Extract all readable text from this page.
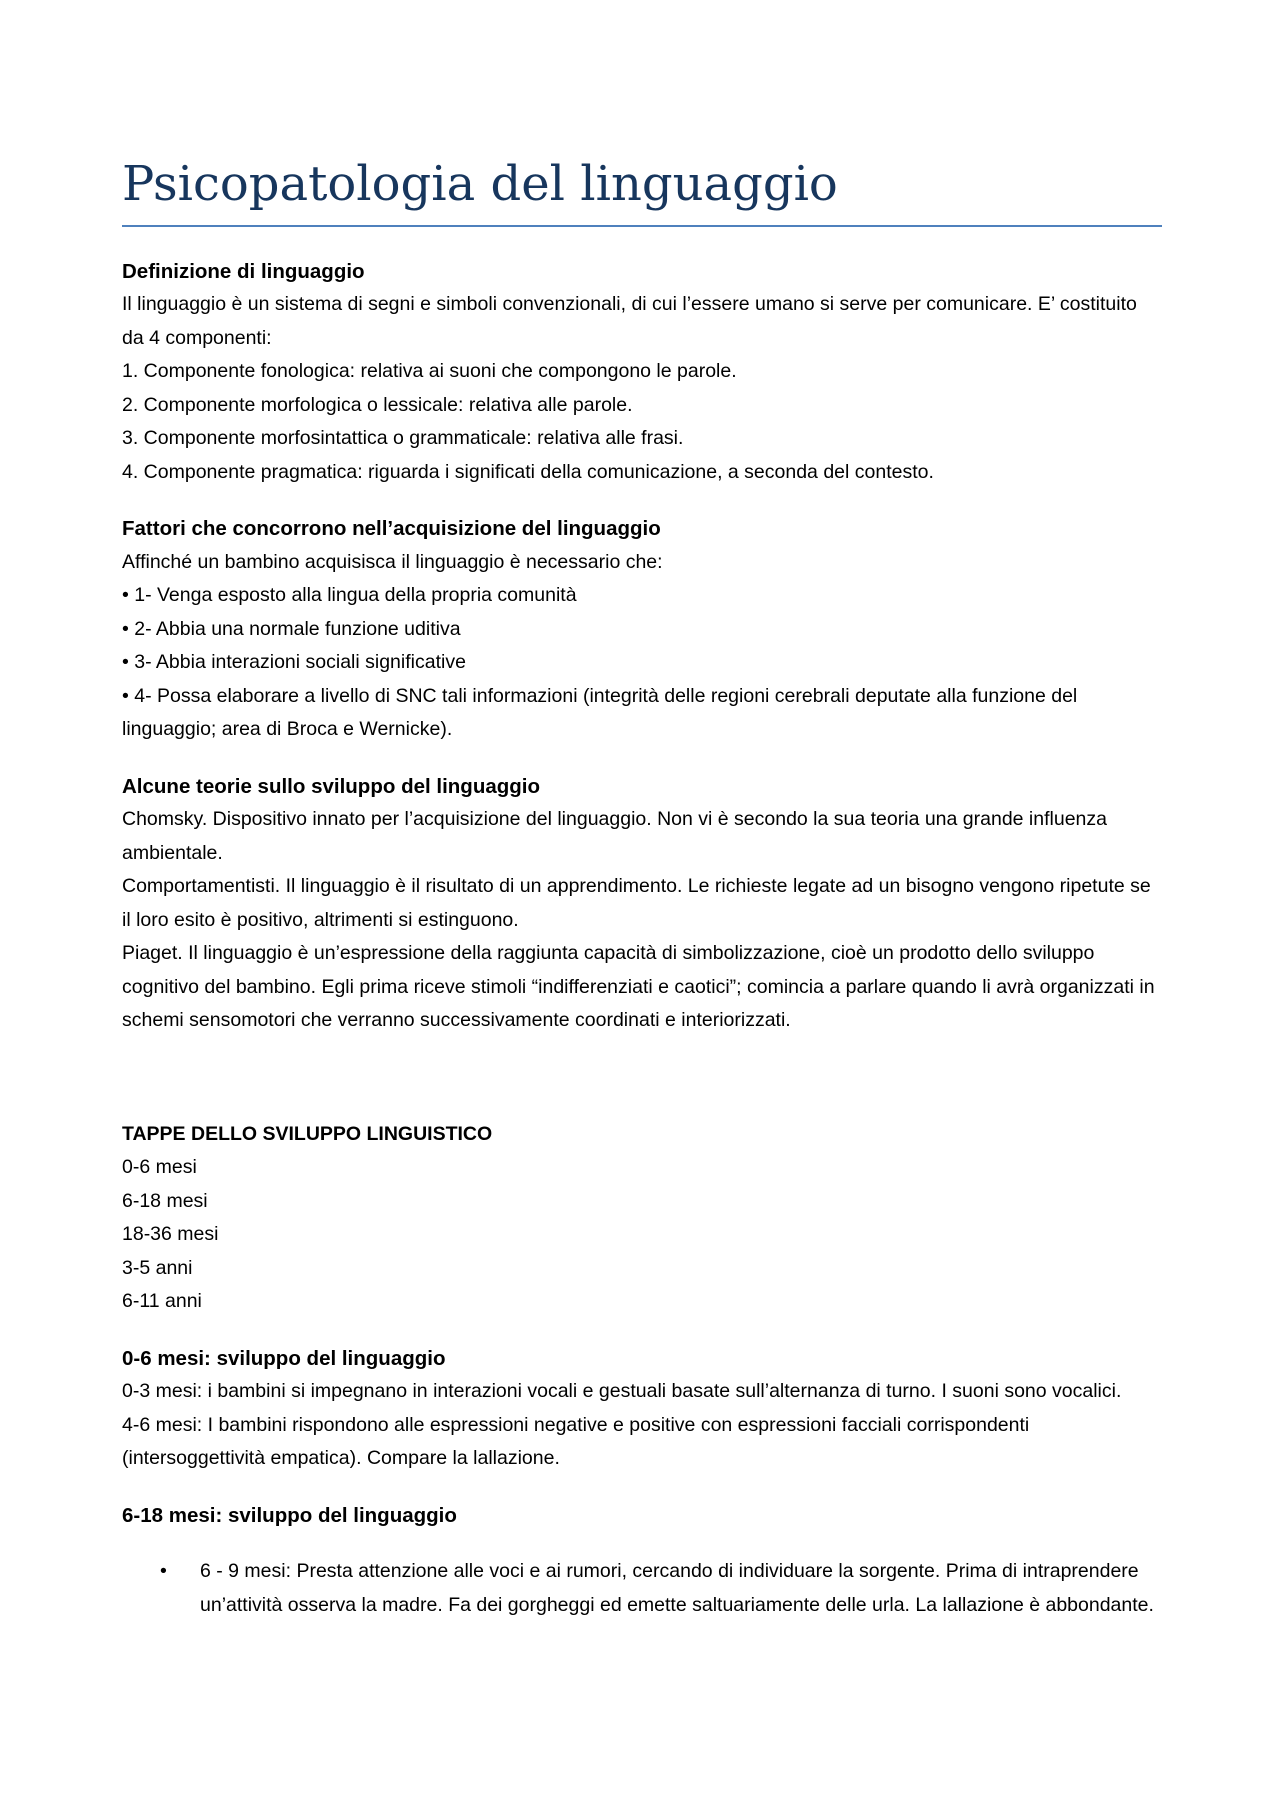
Psicopatologia del linguaggio

Definizione di linguaggio

Il linguaggio è un sistema di segni e simboli convenzionali, di cui l’essere umano si serve per comunicare. E’ costituito da 4 componenti:

1. Componente fonologica: relativa ai suoni che compongono le parole.
2. Componente morfologica o lessicale: relativa alle parole.
3. Componente morfosintattica o grammaticale: relativa alle frasi.
4. Componente pragmatica: riguarda i significati della comunicazione, a seconda del contesto.

Fattori che concorrono nell’acquisizione del linguaggio

Affinché un bambino acquisisca il linguaggio è necessario che:

• 1- Venga esposto alla lingua della propria comunità
• 2- Abbia una normale funzione uditiva
• 3- Abbia interazioni sociali significative
• 4- Possa elaborare a livello di SNC tali informazioni (integrità delle regioni cerebrali deputate alla funzione del linguaggio; area di Broca e Wernicke).

Alcune teorie sullo sviluppo del linguaggio

Chomsky. Dispositivo innato per l’acquisizione del linguaggio. Non vi è secondo la sua teoria una grande influenza ambientale.

Comportamentisti. Il linguaggio è il risultato di un apprendimento. Le richieste legate ad un bisogno vengono ripetute se il loro esito è positivo, altrimenti si estinguono.

Piaget. Il linguaggio è un’espressione della raggiunta capacità di simbolizzazione, cioè un prodotto dello sviluppo cognitivo del bambino. Egli prima riceve stimoli “indifferenziati e caotici”; comincia a parlare quando li avrà organizzati in schemi sensomotori che verranno successivamente coordinati e interiorizzati.

TAPPE DELLO SVILUPPO LINGUISTICO

0-6 mesi
6-18 mesi
18-36 mesi
3-5 anni
6-11 anni

0-6 mesi: sviluppo del linguaggio

0-3 mesi: i bambini si impegnano in interazioni vocali e gestuali basate sull’alternanza di turno. I suoni sono vocalici.

4-6 mesi: I bambini rispondono alle espressioni negative e positive con espressioni facciali corrispondenti (intersoggettività empatica). Compare la lallazione.

6-18 mesi: sviluppo del linguaggio

• 6 - 9 mesi: Presta attenzione alle voci e ai rumori, cercando di individuare la sorgente. Prima di intraprendere un’attività osserva la madre. Fa dei gorgheggi ed emette saltuariamente delle urla. La lallazione è abbondante.
